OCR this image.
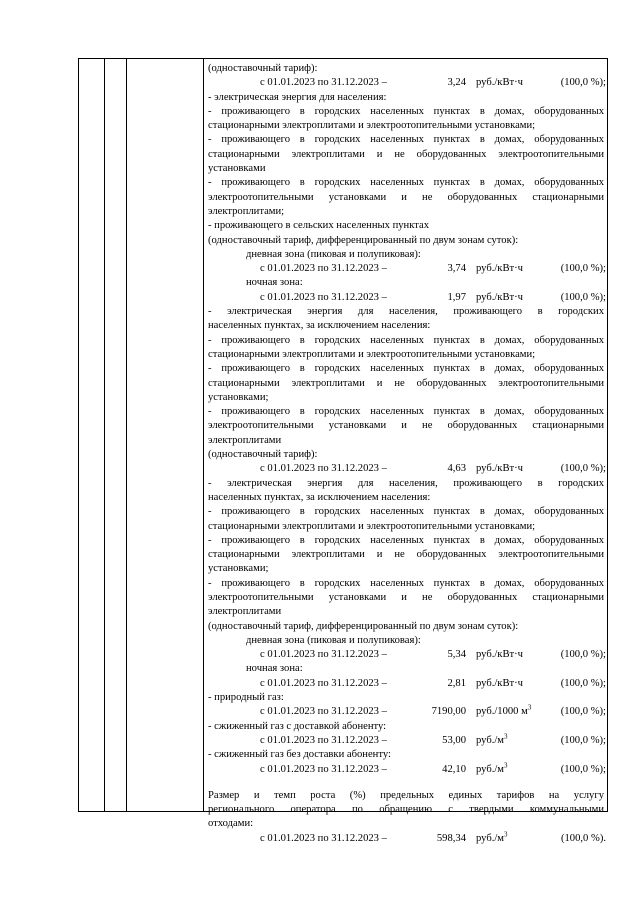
(одноставочный тариф):
с 01.01.2023 по 31.12.2023 –	3,24 руб./кВт·ч	(100,0 %);
- электрическая энергия для населения:
- проживающего в городских населенных пунктах в домах, оборудованных
стационарными электроплитами и электроотопительными установками;
- проживающего в городских населенных пунктах в домах, оборудованных
стационарными электроплитами и не оборудованных электроотопительными
установками
- проживающего в городских населенных пунктах в домах, оборудованных
электроотопительными установками и не оборудованных стационарными
электроплитами;
- проживающего в сельских населенных пунктах
(одноставочный тариф, дифференцированный по двум зонам суток):
дневная зона (пиковая и полупиковая):
с 01.01.2023 по 31.12.2023 –	3,74 руб./кВт·ч	(100,0 %);
ночная зона:
с 01.01.2023 по 31.12.2023 –	1,97 руб./кВт·ч	(100,0 %);
- электрическая энергия для населения, проживающего в городских
населенных пунктах, за исключением населения:
- проживающего в городских населенных пунктах в домах, оборудованных
стационарными электроплитами и электроотопительными установками;
- проживающего в городских населенных пунктах в домах, оборудованных
стационарными электроплитами и не оборудованных электроотопительными
установками;
- проживающего в городских населенных пунктах в домах, оборудованных
электроотопительными установками и не оборудованных стационарными
электроплитами
(одноставочный тариф):
с 01.01.2023 по 31.12.2023 –	4,63 руб./кВт·ч	(100,0 %);
- электрическая энергия для населения, проживающего в городских
населенных пунктах, за исключением населения:
- проживающего в городских населенных пунктах в домах, оборудованных
стационарными электроплитами и электроотопительными установками;
- проживающего в городских населенных пунктах в домах, оборудованных
стационарными электроплитами и не оборудованных электроотопительными
установками;
- проживающего в городских населенных пунктах в домах, оборудованных
электроотопительными установками и не оборудованных стационарными
электроплитами
(одноставочный тариф, дифференцированный по двум зонам суток):
дневная зона (пиковая и полупиковая):
с 01.01.2023 по 31.12.2023 –	5,34 руб./кВт·ч	(100,0 %);
ночная зона:
с 01.01.2023 по 31.12.2023 –	2,81 руб./кВт·ч	(100,0 %);
- природный газ:
с 01.01.2023 по 31.12.2023 –	7190,00 руб./1000 $м^3$	(100,0 %);
- сжиженный газ с доставкой абоненту:
с 01.01.2023 по 31.12.2023 –	53,00 $руб./м^3$	(100,0 %);
- сжиженный газ без доставки абоненту:
с 01.01.2023 по 31.12.2023 –	42,10 $руб./м^3$	(100,0 %);
Размер и темп роста (%) предельных единых тарифов на услугу
регионального оператора по обращению с твердыми коммунальными
отходами:
с 01.01.2023 по 31.12.2023 –	598,34 $руб./м^3$	(100,0 %).
